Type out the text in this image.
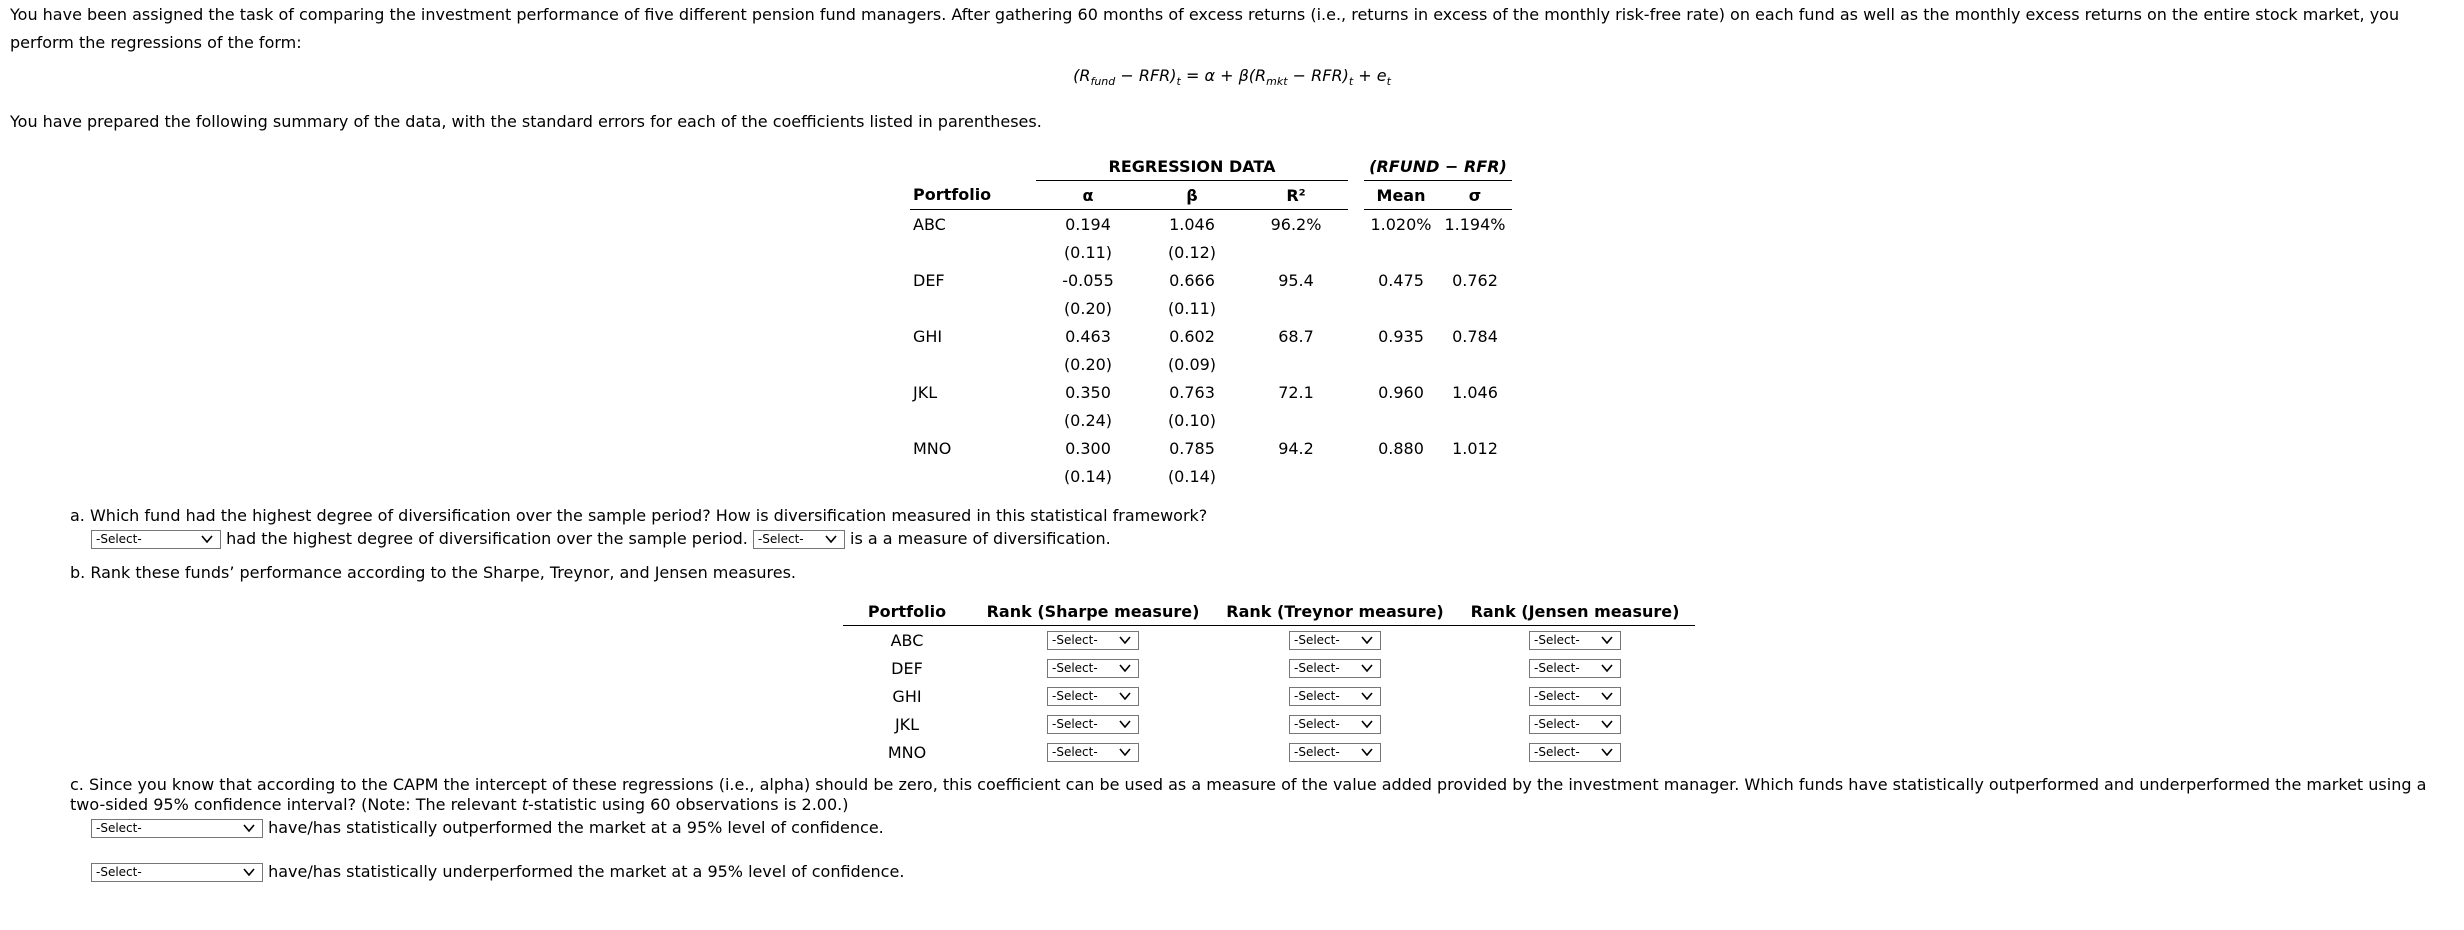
You have been assigned the task of comparing the investment performance of five different pension fund managers. After gathering 60 months of excess returns (i.e., returns in excess of the monthly risk-free rate) on each fund as well as the monthly excess returns on the entire stock market, you perform the regressions of the form:

$(R_{fund} - RFR)_t = \alpha + \beta(R_{mkt} - RFR)_t + e_t$

You have prepared the following summary of the data, with the standard errors for each of the coefficients listed in parentheses.

	REGRESSION DATA				(RFUND − RFR)	
Portfolio	α	β	R²		Mean	σ
ABC	0.194	1.046	96.2%		1.020%	1.194%
	(0.11)	(0.12)				
DEF	-0.055	0.666	95.4		0.475	0.762
	(0.20)	(0.11)				
GHI	0.463	0.602	68.7		0.935	0.784
	(0.20)	(0.09)				
JKL	0.350	0.763	72.1		0.960	1.046
	(0.24)	(0.10)				
MNO	0.300	0.785	94.2		0.880	1.012
	(0.14)	(0.14)				

a. Which fund had the highest degree of diversification over the sample period? How is diversification measured in this statistical framework?

-Select-	had the highest degree of diversification over the sample period. -Select-	is a a measure of diversification.

b. Rank these funds’ performance according to the Sharpe, Treynor, and Jensen measures.

Portfolio	Rank (Sharpe measure)	Rank (Treynor measure)	Rank (Jensen measure)
ABC	-Select-	-Select-	-Select-

DEF	-Select-	-Select-	-Select-

GHI	-Select-	-Select-	-Select-

JKL	-Select-	-Select-	-Select-

MNO	-Select-	-Select-	-Select-

c. Since you know that according to the CAPM the intercept of these regressions (i.e., alpha) should be zero, this coefficient can be used as a measure of the value added provided by the investment manager. Which funds have statistically outperformed and underperformed the market using a two-sided 95% confidence interval? (Note: The relevant t-statistic using 60 observations is 2.00.)

-Select-	have/has statistically outperformed the market at a 95% level of confidence.
-Select-	have/has statistically underperformed the market at a 95% level of confidence.
